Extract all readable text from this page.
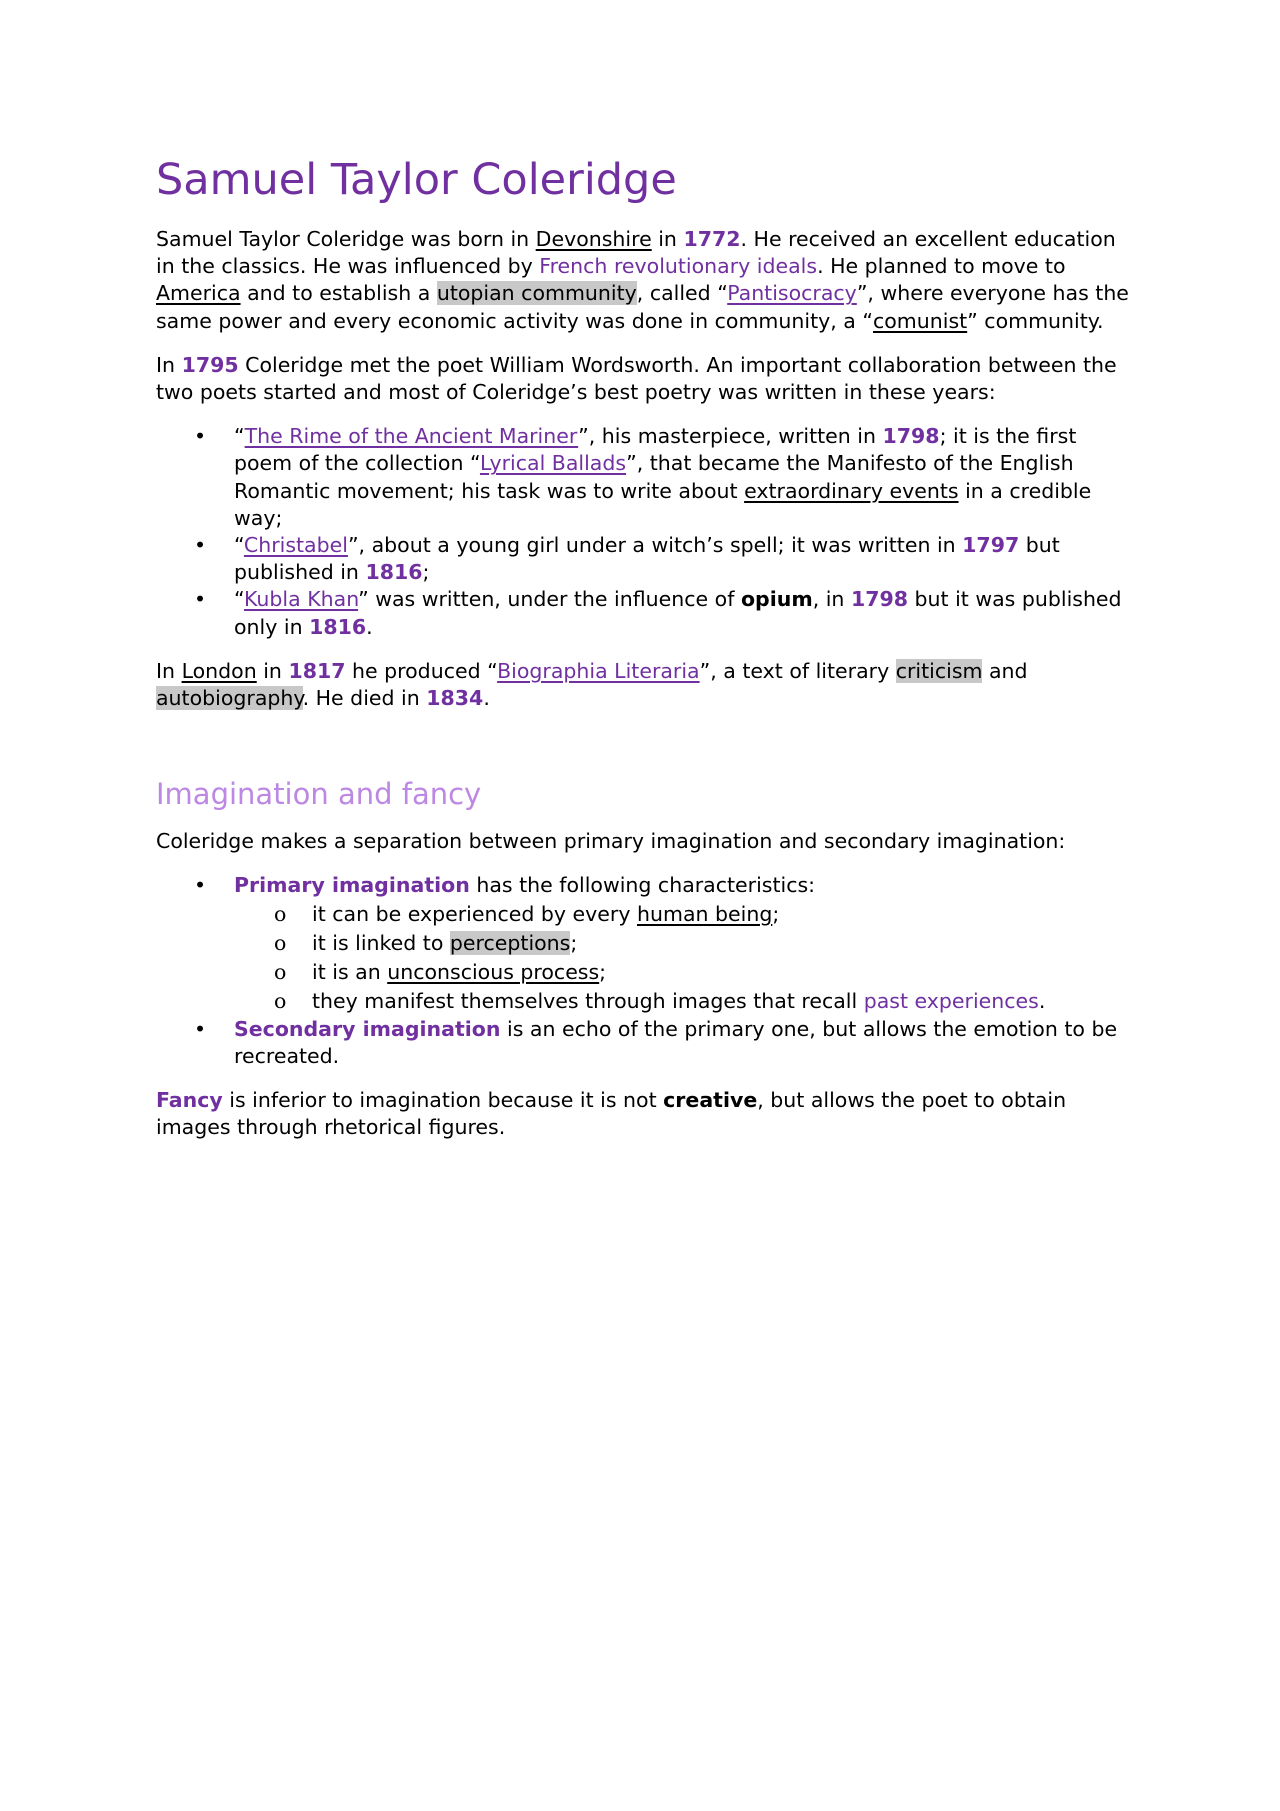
Samuel Taylor Coleridge

Samuel Taylor Coleridge was born in Devonshire in 1772. He received an excellent education in the classics. He was influenced by French revolutionary ideals. He planned to move to America and to establish a utopian community, called “Pantisocracy”, where everyone has the same power and every economic activity was done in community, a “comunist” community.

In 1795 Coleridge met the poet William Wordsworth. An important collaboration between the two poets started and most of Coleridge’s best poetry was written in these years:

• “The Rime of the Ancient Mariner”, his masterpiece, written in 1798; it is the first poem of the collection “Lyrical Ballads”, that became the Manifesto of the English Romantic movement; his task was to write about extraordinary events in a credible way;
• “Christabel”, about a young girl under a witch’s spell; it was written in 1797 but published in 1816;
• “Kubla Khan” was written, under the influence of opium, in 1798 but it was published only in 1816.

In London in 1817 he produced “Biographia Literaria”, a text of literary criticism and autobiography. He died in 1834.

Imagination and fancy

Coleridge makes a separation between primary imagination and secondary imagination:

• Primary imagination has the following characteristics:
o it can be experienced by every human being;
o it is linked to perceptions;
o it is an unconscious process;
o they manifest themselves through images that recall past experiences.
• Secondary imagination is an echo of the primary one, but allows the emotion to be recreated.

Fancy is inferior to imagination because it is not creative, but allows the poet to obtain images through rhetorical figures.
